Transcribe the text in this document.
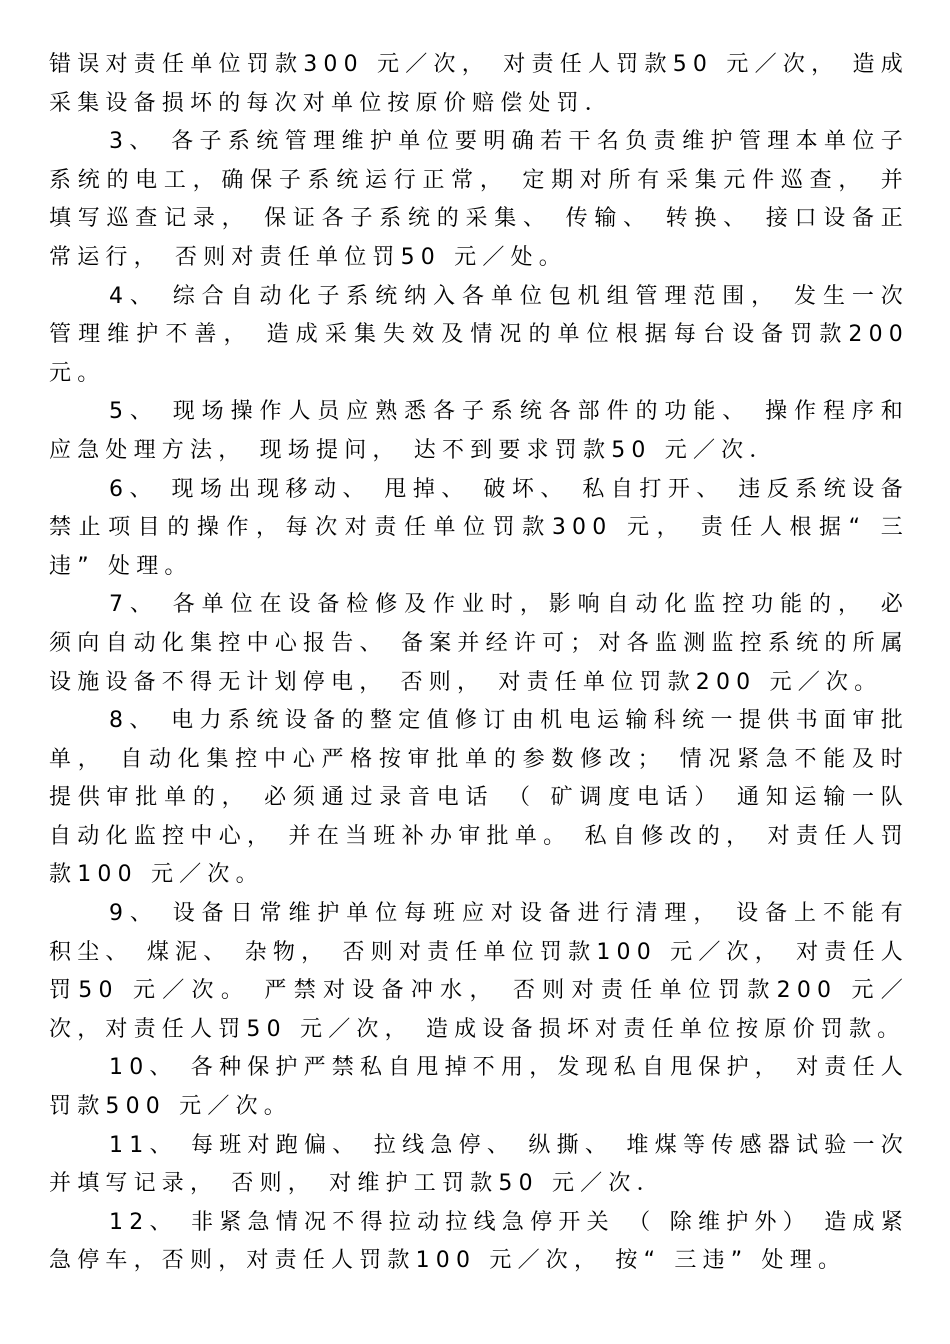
错误对责任单位罚款300 元／次， 对责任人罚款50 元／次， 造成采集设备损坏的每次对单位按原价赔偿处罚．

3、 各子系统管理维护单位要明确若干名负责维护管理本单位子系统的电工，确保子系统运行正常， 定期对所有采集元件巡查， 并填写巡查记录， 保证各子系统的采集、 传输、 转换、 接口设备正常运行， 否则对责任单位罚50 元／处。

4、 综合自动化子系统纳入各单位包机组管理范围， 发生一次管理维护不善， 造成采集失效及情况的单位根据每台设备罚款200 元。

5、 现场操作人员应熟悉各子系统各部件的功能、 操作程序和应急处理方法， 现场提问， 达不到要求罚款50 元／次．

6、 现场出现移动、 甩掉、 破坏、 私自打开、 违反系统设备禁止项目的操作，每次对责任单位罚款300 元， 责任人根据“ 三违” 处理。

7、 各单位在设备检修及作业时，影响自动化监控功能的， 必须向自动化集控中心报告、 备案并经许可；对各监测监控系统的所属设施设备不得无计划停电， 否则， 对责任单位罚款200 元／次。

8、 电力系统设备的整定值修订由机电运输科统一提供书面审批单， 自动化集控中心严格按审批单的参数修改； 情况紧急不能及时提供审批单的， 必须通过录音电话 （ 矿调度电话） 通知运输一队自动化监控中心， 并在当班补办审批单。 私自修改的， 对责任人罚款100 元／次。

9、 设备日常维护单位每班应对设备进行清理， 设备上不能有积尘、 煤泥、 杂物， 否则对责任单位罚款100 元／次， 对责任人罚50 元／次。 严禁对设备冲水， 否则对责任单位罚款200 元／次，对责任人罚50 元／次， 造成设备损坏对责任单位按原价罚款。

10、 各种保护严禁私自甩掉不用，发现私自甩保护， 对责任人罚款500 元／次。

11、 每班对跑偏、 拉线急停、 纵撕、 堆煤等传感器试验一次并填写记录， 否则， 对维护工罚款50 元／次．

12、 非紧急情况不得拉动拉线急停开关 （ 除维护外） 造成紧急停车，否则，对责任人罚款100 元／次， 按“ 三违” 处理。
